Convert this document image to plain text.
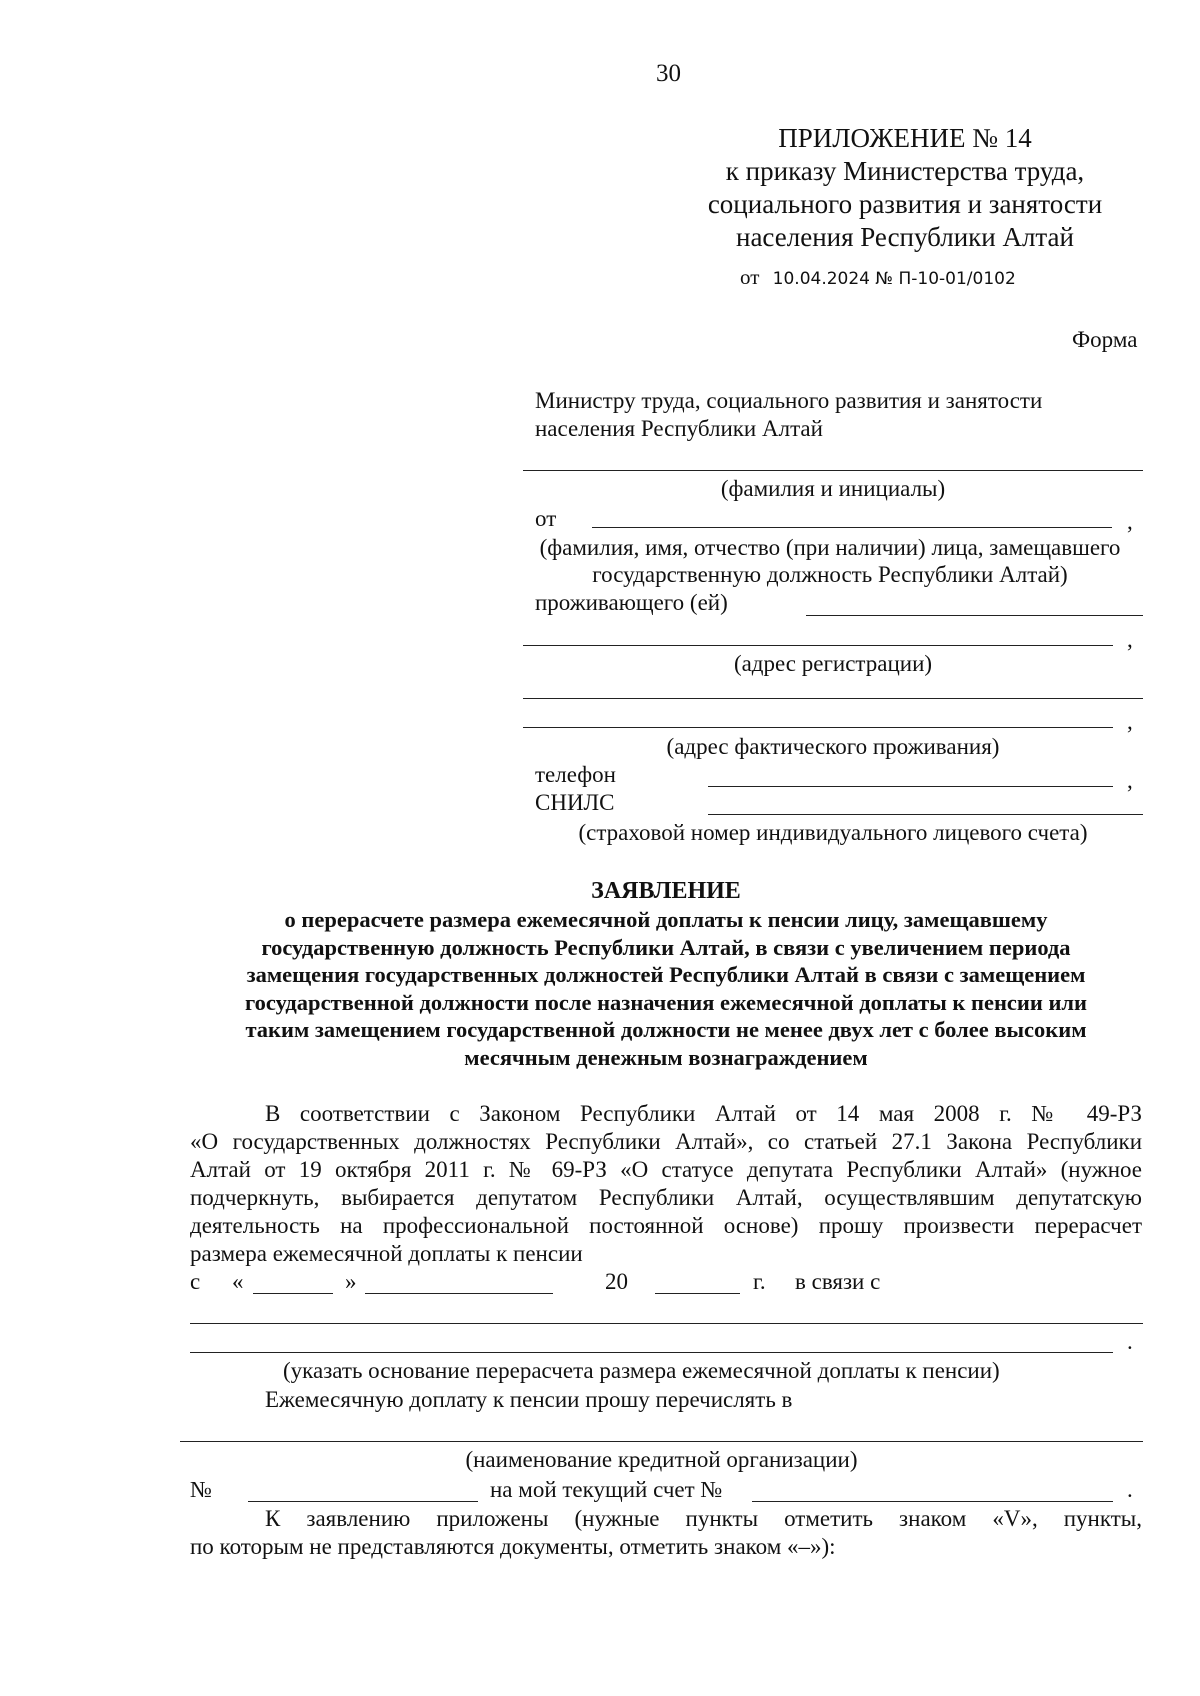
30
ПРИЛОЖЕНИЕ № 14
к приказу Министерства труда,
социального развития и занятости
населения Республики Алтай
от 10.04.2024 № П-10-01/0102
Форма
Министру труда, социального развития и занятости
населения Республики Алтай
(фамилия и инициалы)
от	,
(фамилия, имя, отчество (при наличии) лица, замещавшего
государственную должность Республики Алтай)
проживающего (ей)
,
(адрес регистрации)
,
(адрес фактического проживания)
телефон	,
СНИЛС
(страховой номер индивидуального лицевого счета)
ЗАЯВЛЕНИЕ
о перерасчете размера ежемесячной доплаты к пенсии лицу, замещавшему
государственную должность Республики Алтай, в связи с увеличением периода
замещения государственных должностей Республики Алтай в связи с замещением
государственной должности после назначения ежемесячной доплаты к пенсии или
таким замещением государственной должности не менее двух лет с более высоким
месячным денежным вознаграждением
В соответствии с Законом Республики Алтай от 14 мая 2008 г. № 49-РЗ
«О государственных должностях Республики Алтай», со статьей 27.1 Закона Республики
Алтай от 19 октября 2011 г. № 69-РЗ «О статусе депутата Республики Алтай» (нужное
подчеркнуть, выбирается депутатом Республики Алтай, осуществлявшим депутатскую
деятельность на профессиональной постоянной основе) прошу произвести перерасчет
размера ежемесячной доплаты к пенсии
с «	»	20	г. в связи с
.
(указать основание перерасчета размера ежемесячной доплаты к пенсии)
Ежемесячную доплату к пенсии прошу перечислять в
(наименование кредитной организации)
№	на мой текущий счет №	.
К заявлению приложены (нужные пункты отметить знаком «V», пункты,
по которым не представляются документы, отметить знаком «–»):
